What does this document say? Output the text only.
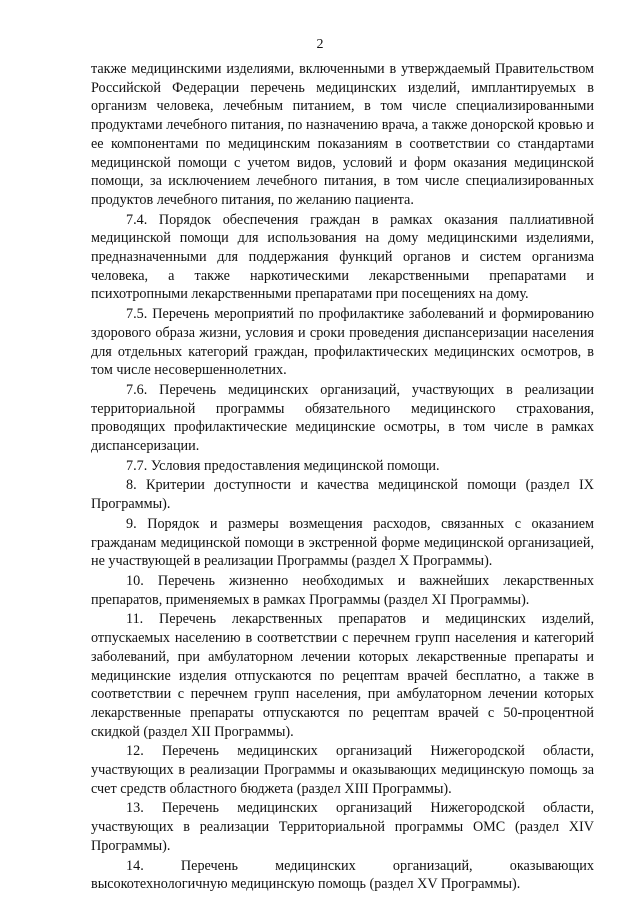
2

также медицинскими изделиями, включенными в утверждаемый Правительством Российской Федерации перечень медицинских изделий, имплантируемых в организм человека, лечебным питанием, в том числе специализированными продуктами лечебного питания, по назначению врача, а также донорской кровью и ее компонентами по медицинским показаниям в соответствии со стандартами медицинской помощи с учетом видов, условий и форм оказания медицинской помощи, за исключением лечебного питания, в том числе специализированных продуктов лечебного питания, по желанию пациента.

7.4. Порядок обеспечения граждан в рамках оказания паллиативной медицинской помощи для использования на дому медицинскими изделиями, предназначенными для поддержания функций органов и систем организма человека, а также наркотическими лекарственными препаратами и психотропными лекарственными препаратами при посещениях на дому.

7.5. Перечень мероприятий по профилактике заболеваний и формированию здорового образа жизни, условия и сроки проведения диспансеризации населения для отдельных категорий граждан, профилактических медицинских осмотров, в том числе несовершеннолетних.

7.6. Перечень медицинских организаций, участвующих в реализации территориальной программы обязательного медицинского страхования, проводящих профилактические медицинские осмотры, в том числе в рамках диспансеризации.

7.7. Условия предоставления медицинской помощи.

8. Критерии доступности и качества медицинской помощи (раздел IX Программы).

9. Порядок и размеры возмещения расходов, связанных с оказанием гражданам медицинской помощи в экстренной форме медицинской организацией, не участвующей в реализации Программы (раздел X Программы).

10. Перечень жизненно необходимых и важнейших лекарственных препаратов, применяемых в рамках Программы (раздел XI Программы).

11. Перечень лекарственных препаратов и медицинских изделий, отпускаемых населению в соответствии с перечнем групп населения и категорий заболеваний, при амбулаторном лечении которых лекарственные препараты и медицинские изделия отпускаются по рецептам врачей бесплатно, а также в соответствии с перечнем групп населения, при амбулаторном лечении которых лекарственные препараты отпускаются по рецептам врачей с 50-процентной скидкой (раздел XII Программы).

12. Перечень медицинских организаций Нижегородской области, участвующих в реализации Программы и оказывающих медицинскую помощь за счет средств областного бюджета (раздел XIII Программы).

13. Перечень медицинских организаций Нижегородской области, участвующих в реализации Территориальной программы ОМС (раздел XIV Программы).

14. Перечень медицинских организаций, оказывающих высокотехнологичную медицинскую помощь (раздел XV Программы).
